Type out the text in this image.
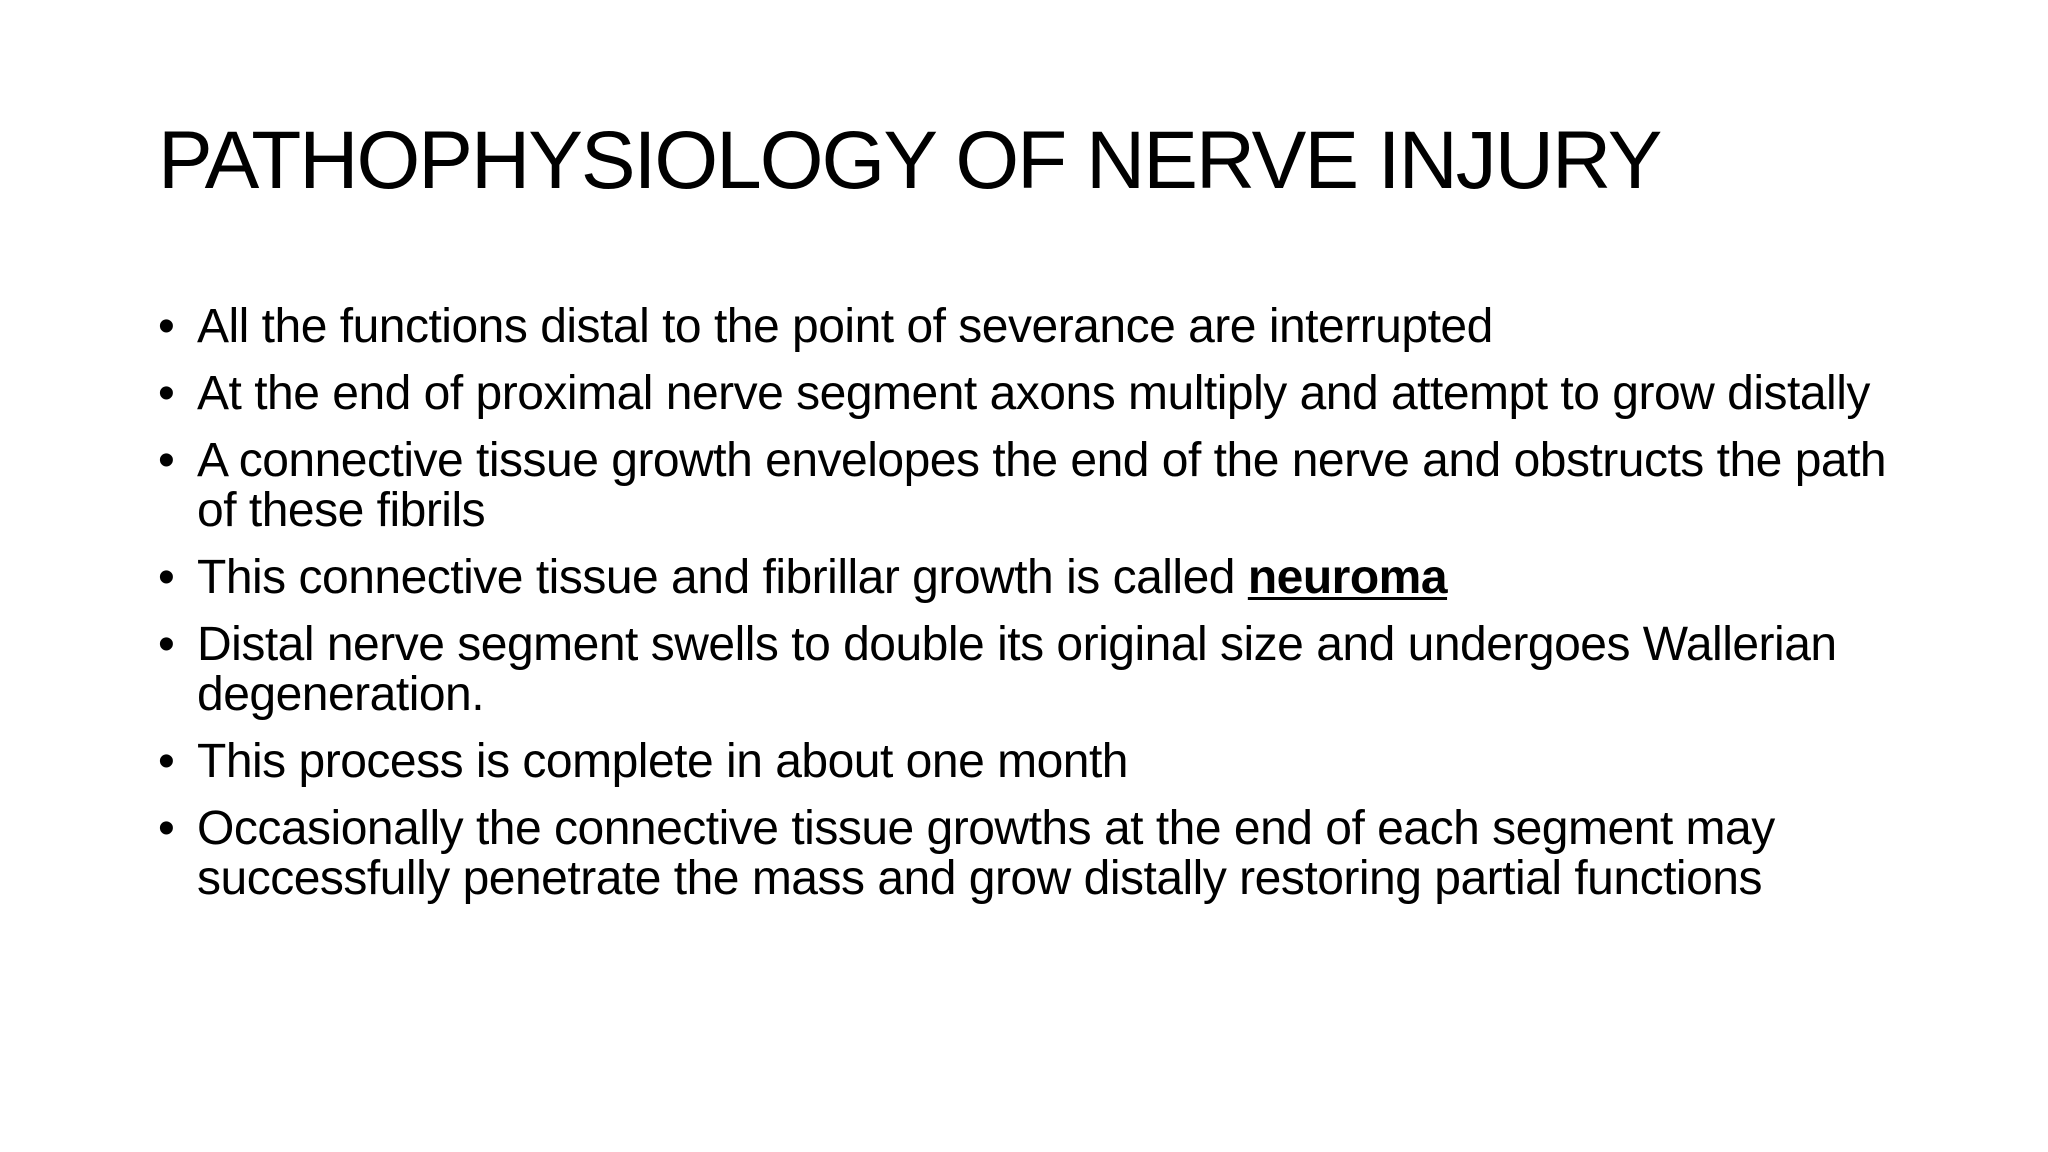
PATHOPHYSIOLOGY OF NERVE INJURY
• All the functions distal to the point of severance are interrupted
• At the end of proximal nerve segment axons multiply and attempt to grow distally
• A connective tissue growth envelopes the end of the nerve and obstructs the path of these fibrils
• This connective tissue and fibrillar growth is called neuroma
• Distal nerve segment swells to double its original size and undergoes Wallerian degeneration.
• This process is complete in about one month
• Occasionally the connective tissue growths at the end of each segment may successfully penetrate the mass and grow distally restoring partial functions
